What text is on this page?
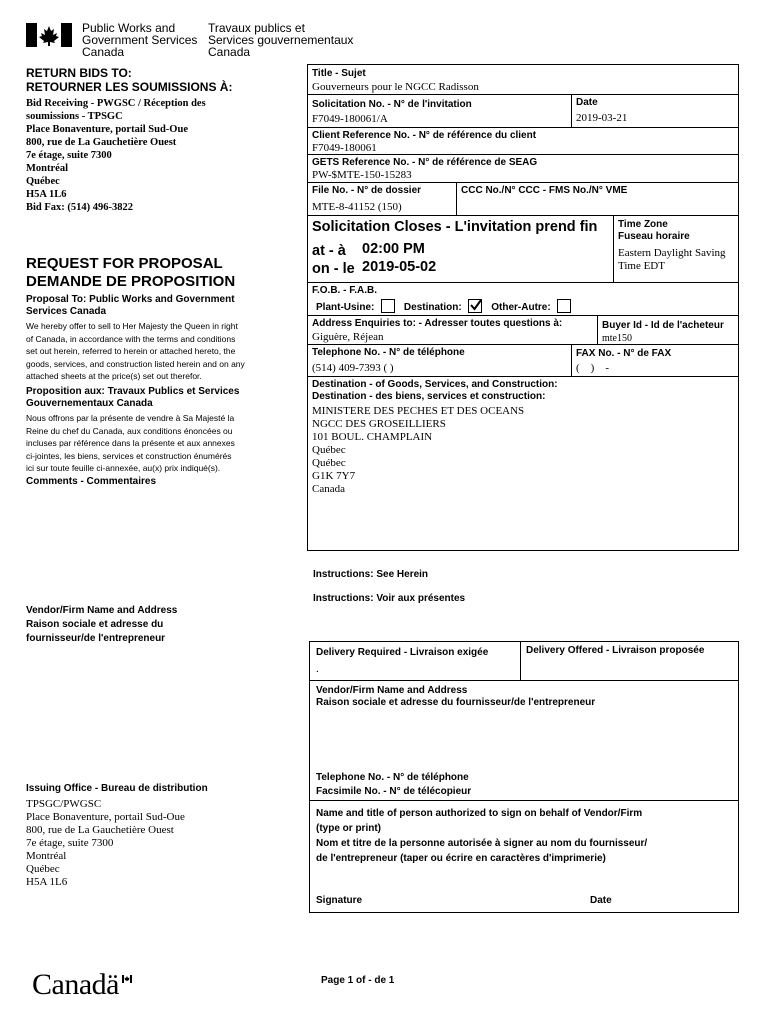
Public Works and
Government Services
Canada
Travaux publics et
Services gouvernementaux
Canada
RETURN BIDS TO:
RETOURNER LES SOUMISSIONS À:
Bid Receiving - PWGSC / Réception des
soumissions - TPSGC
Place Bonaventure, portail Sud-Oue
800, rue de La Gauchetière Ouest
7e étage, suite 7300
Montréal
Québec
H5A 1L6
Bid Fax: (514) 496-3822
REQUEST FOR PROPOSAL
DEMANDE DE PROPOSITION
Proposal To: Public Works and Government
Services Canada
We hereby offer to sell to Her Majesty the Queen in right
of Canada, in accordance with the terms and conditions
set out herein, referred to herein or attached hereto, the
goods, services, and construction listed herein and on any
attached sheets at the price(s) set out therefor.
Proposition aux: Travaux Publics et Services
Gouvernementaux Canada
Nous offrons par la présente de vendre à Sa Majesté la
Reine du chef du Canada, aux conditions énoncées ou
incluses par référence dans la présente et aux annexes
ci-jointes, les biens, services et construction énumérés
ici sur toute feuille ci-annexée, au(x) prix indiqué(s).
Comments - Commentaires
Vendor/Firm Name and Address
Raison sociale et adresse du
fournisseur/de l'entrepreneur
Issuing Office - Bureau de distribution
TPSGC/PWGSC
Place Bonaventure, portail Sud-Oue
800, rue de La Gauchetière Ouest
7e étage, suite 7300
Montréal
Québec
H5A 1L6
Title - Sujet
Gouverneurs pour le NGCC Radisson
Solicitation No. - N° de l'invitation
F7049-180061/A
Date
2019-03-21
Client Reference No. - N° de référence du client
F7049-180061
GETS Reference No. - N° de référence de SEAG
PW-$MTE-150-15283
File No. - N° de dossier
MTE-8-41152 (150)
CCC No./N° CCC - FMS No./N° VME
Solicitation Closes - L'invitation prend fin
at - à 02:00 PM
on - le 2019-05-02
Time Zone
Fuseau horaire
Eastern Daylight Saving
Time EDT
F.O.B. - F.A.B.
Plant-Usine:	Destination:	Other-Autre:
Address Enquiries to: - Adresser toutes questions à:
Giguère, Réjean
Buyer Id - Id de l'acheteur
mte150
Telephone No. - N° de téléphone
(514) 409-7393 ( )
FAX No. - N° de FAX
(    )    -
Destination - of Goods, Services, and Construction:
Destination - des biens, services et construction:
MINISTERE DES PECHES ET DES OCEANS
NGCC DES GROSEILLIERS
101 BOUL. CHAMPLAIN
Québec
Québec
G1K 7Y7
Canada
Instructions: See Herein
Instructions: Voir aux présentes
Delivery Required - Livraison exigée
.
Delivery Offered - Livraison proposée
Vendor/Firm Name and Address
Raison sociale et adresse du fournisseur/de l'entrepreneur
Telephone No. - N° de téléphone
Facsimile No. - N° de télécopieur
Name and title of person authorized to sign on behalf of Vendor/Firm
(type or print)
Nom et titre de la personne autorisée à signer au nom du fournisseur/
de l'entrepreneur (taper ou écrire en caractères d'imprimerie)
Signature	Date
Canadä	Page 1 of - de 1
